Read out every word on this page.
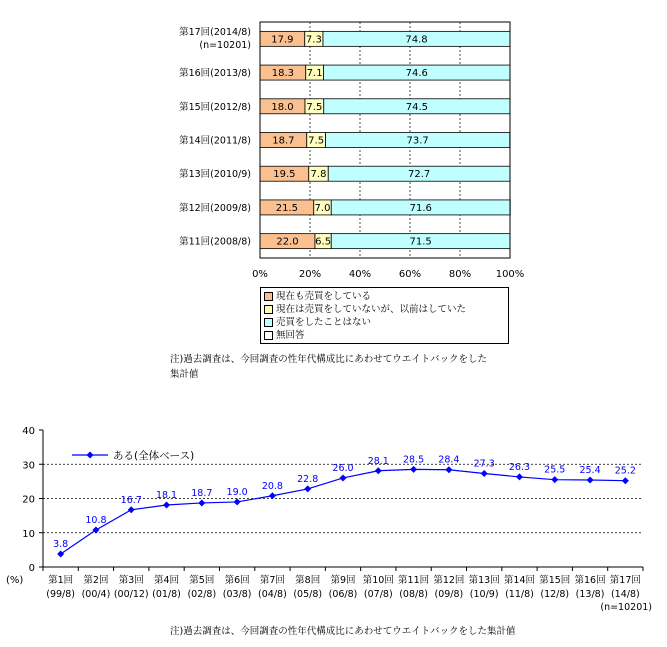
17.9 7.3	74.8
第17回(2014/8)
(n=10201)
18.3 7.1	74.6
第16回(2013/8)
18.0 7.5	74.5
第15回(2012/8)
18.7 7.5	73.7
第14回(2011/8)
19.5 7.8	72.7
第13回(2010/9)
21.5 7.0	71.6
第12回(2009/8)
22.0 6.5	71.5
第11回(2008/8)
0%	20%	40%	60%	80% 100%
0
10
20
30
40
(%)	第1回
(99/8)
第2回
(00/4)
第3回
(00/12)
第4回
(01/8)
第5回
(02/8)
第6回
(03/8)
第7回
(04/8)
第8回
(05/8)
第9回
(06/8)
第10回
(07/8)
第11回
(08/8)
第12回
(09/8)
第13回
(10/9)
第14回
(11/8)
第15回
(12/8)
第16回
(13/8)
第17回
(14/8)
(n=10201)
3.8
10.8
16.7 18.1 18.7 19.0
20.8
22.8
26.0
28.1 28.5 28.4 27.3 26.3 25.5 25.4 25.2
ある(全体ベース)
現在も売買をしている
現在は売買をしていないが、以前はしていた
売買をしたことはない
無回答
注)過去調査は、今回調査の性年代構成比にあわせてウエイトバックをした
集計値
注)過去調査は、今回調査の性年代構成比にあわせてウエイトバックをした集計値
